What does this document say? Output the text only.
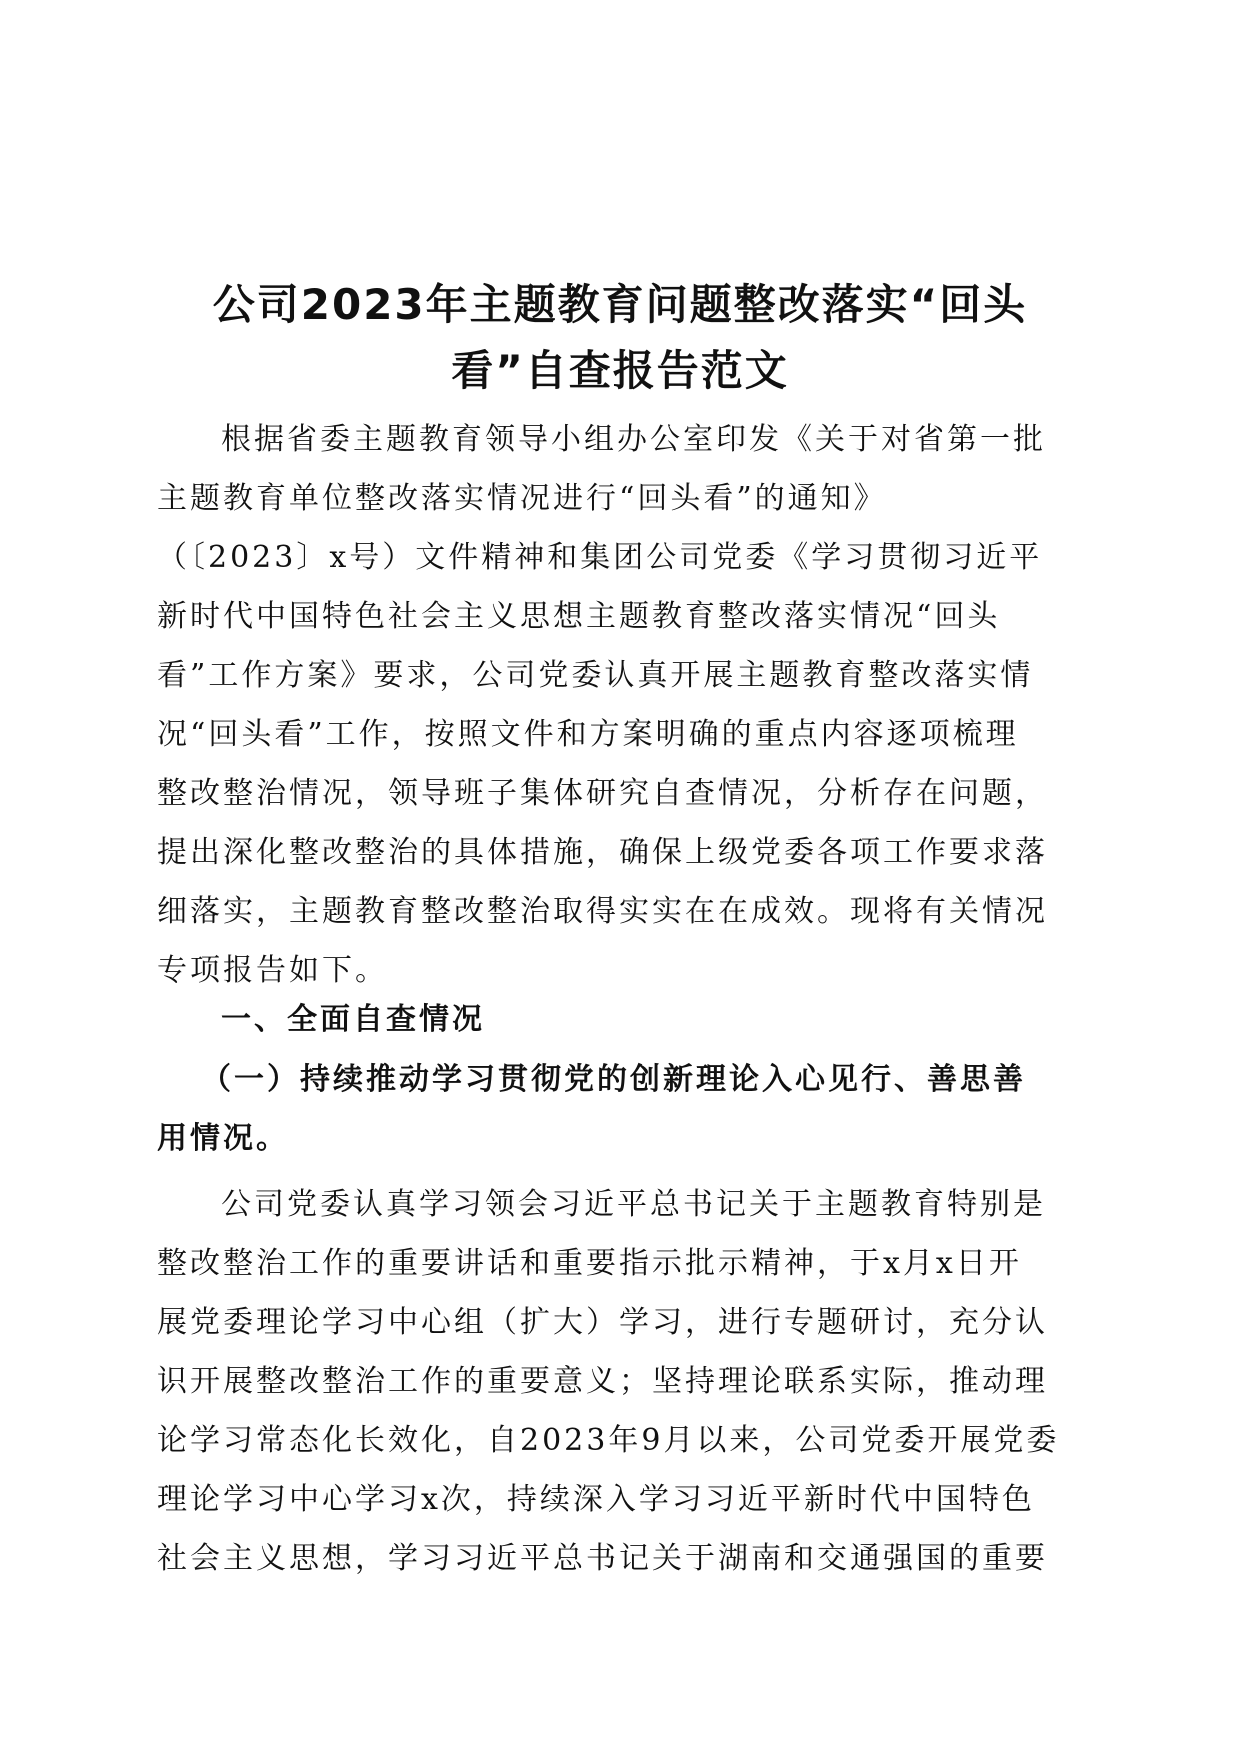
公司2023年主题教育问题整改落实“回头
看”自查报告范文

根据省委主题教育领导小组办公室印发《关于对省第一批
主题教育单位整改落实情况进行“回头看”的通知》
（〔2023〕x号）文件精神和集团公司党委《学习贯彻习近平
新时代中国特色社会主义思想主题教育整改落实情况“回头
看”工作方案》要求，公司党委认真开展主题教育整改落实情
况“回头看”工作，按照文件和方案明确的重点内容逐项梳理
整改整治情况，领导班子集体研究自查情况，分析存在问题，
提出深化整改整治的具体措施，确保上级党委各项工作要求落
细落实，主题教育整改整治取得实实在在成效。现将有关情况
专项报告如下。

一、全面自查情况
（一）持续推动学习贯彻党的创新理论入心见行、善思善
用情况。

公司党委认真学习领会习近平总书记关于主题教育特别是
整改整治工作的重要讲话和重要指示批示精神，于x月x日开
展党委理论学习中心组（扩大）学习，进行专题研讨，充分认
识开展整改整治工作的重要意义；坚持理论联系实际，推动理
论学习常态化长效化，自2023年9月以来，公司党委开展党委
理论学习中心学习x次，持续深入学习习近平新时代中国特色
社会主义思想，学习习近平总书记关于湖南和交通强国的重要
